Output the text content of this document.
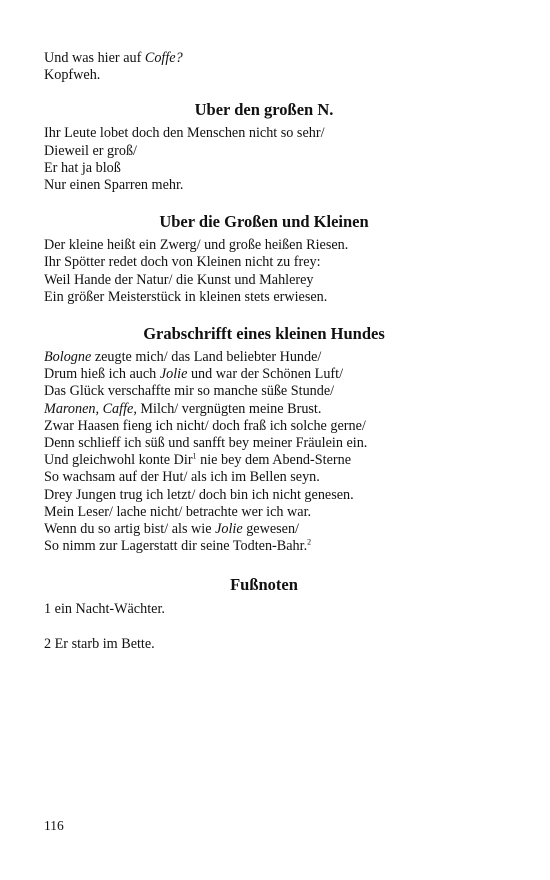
Und was hier auf Coffe?
Kopfweh.
Uber den großen N.
Ihr Leute lobet doch den Menschen nicht so sehr/
Dieweil er groß/
Er hat ja bloß
Nur einen Sparren mehr.
Uber die Großen und Kleinen
Der kleine heißt ein Zwerg/ und große heißen Riesen.
Ihr Spötter redet doch von Kleinen nicht zu frey:
Weil Hande der Natur/ die Kunst und Mahlerey
Ein größer Meisterstück in kleinen stets erwiesen.
Grabschrifft eines kleinen Hundes
Bologne zeugte mich/ das Land beliebter Hunde/
Drum hieß ich auch Jolie und war der Schönen Luft/
Das Glück verschaffte mir so manche süße Stunde/
Maronen, Caffe, Milch/ vergnügten meine Brust.
Zwar Haasen fieng ich nicht/ doch fraß ich solche gerne/
Denn schlieff ich süß und sanfft bey meiner Fräulein ein.
Und gleichwohl konte Dir$^1$ nie bey dem Abend-Sterne
So wachsam auf der Hut/ als ich im Bellen seyn.
Drey Jungen trug ich letzt/ doch bin ich nicht genesen.
Mein Leser/ lache nicht/ betrachte wer ich war.
Wenn du so artig bist/ als wie Jolie gewesen/
So nimm zur Lagerstatt dir seine Todten-Bahr.$^2$
Fußnoten
1 ein Nacht-Wächter.
2 Er starb im Bette.
116
